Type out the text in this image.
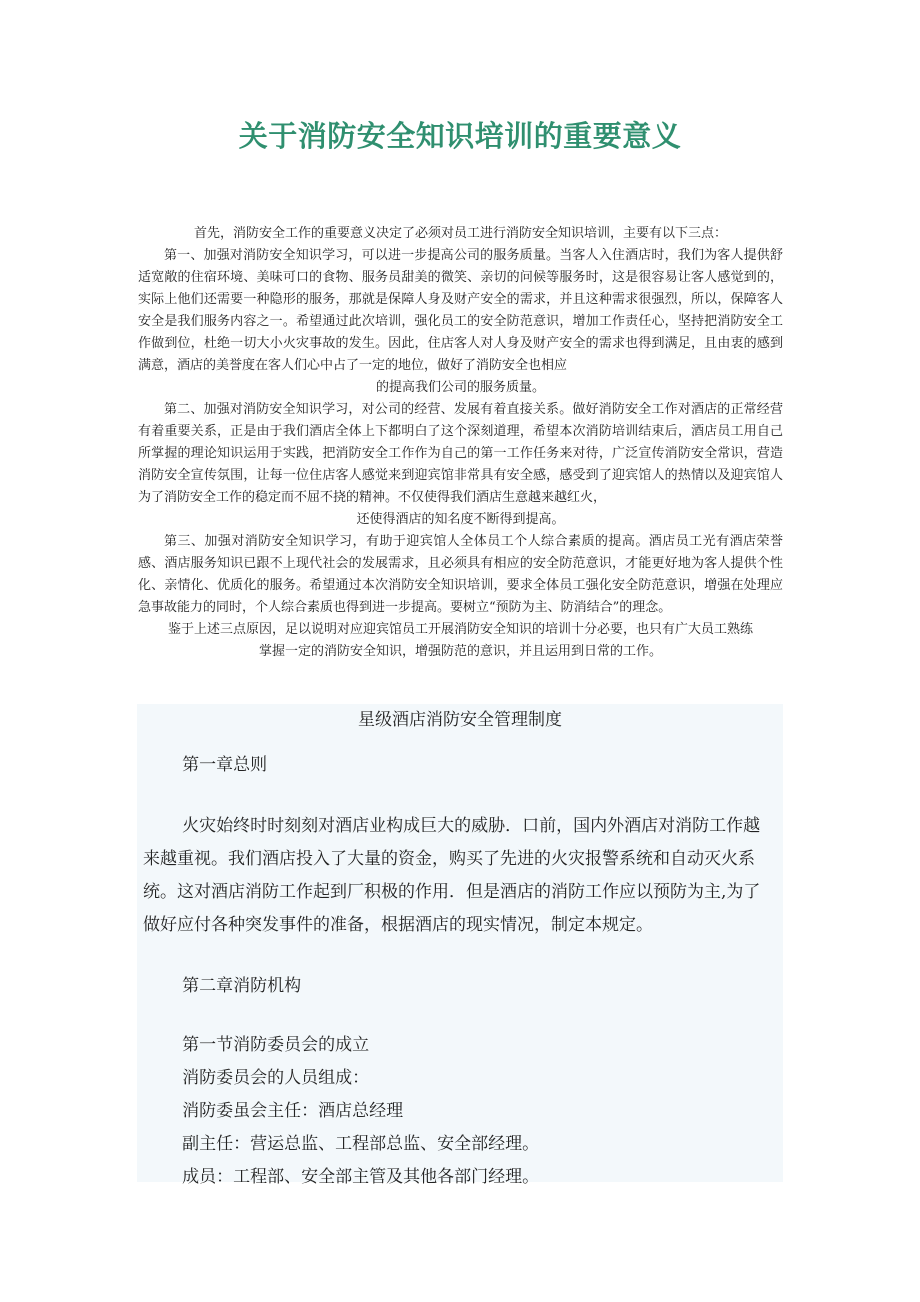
关于消防安全知识培训的重要意义

首先，消防安全工作的重要意义决定了必须对员工进行消防安全知识培训，主要有以下三点：

第一、加强对消防安全知识学习，可以进一步提高公司的服务质量。当客人入住酒店时，我们为客人提供舒适宽敞的住宿环境、美味可口的食物、服务员甜美的微笑、亲切的问候等服务时，这是很容易让客人感觉到的，实际上他们还需要一种隐形的服务，那就是保障人身及财产安全的需求，并且这种需求很强烈，所以，保障客人安全是我们服务内容之一。希望通过此次培训，强化员工的安全防范意识，增加工作责任心，坚持把消防安全工作做到位，杜绝一切大小火灾事故的发生。因此，住店客人对人身及财产安全的需求也得到满足，且由衷的感到满意，酒店的美誉度在客人们心中占了一定的地位，做好了消防安全也相应

的提高我们公司的服务质量。

第二、加强对消防安全知识学习，对公司的经营、发展有着直接关系。做好消防安全工作对酒店的正常经营有着重要关系，正是由于我们酒店全体上下都明白了这个深刻道理，希望本次消防培训结束后，酒店员工用自己所掌握的理论知识运用于实践，把消防安全工作作为自己的第一工作任务来对待，广泛宣传消防安全常识，营造消防安全宣传氛围，让每一位住店客人感觉来到迎宾馆非常具有安全感，感受到了迎宾馆人的热情以及迎宾馆人为了消防安全工作的稳定而不屈不挠的精神。不仅使得我们酒店生意越来越红火，

还使得酒店的知名度不断得到提高。

第三、加强对消防安全知识学习，有助于迎宾馆人全体员工个人综合素质的提高。酒店员工光有酒店荣誉感、酒店服务知识已跟不上现代社会的发展需求，且必须具有相应的安全防范意识，才能更好地为客人提供个性化、亲情化、优质化的服务。希望通过本次消防安全知识培训，要求全体员工强化安全防范意识，增强在处理应急事故能力的同时，个人综合素质也得到进一步提高。要树立“预防为主、防消结合”的理念。

鉴于上述三点原因，足以说明对应迎宾馆员工开展消防安全知识的培训十分必要，也只有广大员工熟练

掌握一定的消防安全知识，增强防范的意识，并且运用到日常的工作。

星级酒店消防安全管理制度

第一章总则

火灾始终时时刻刻对酒店业构成巨大的威胁．口前，国内外酒店对消防工作越来越重视。我们酒店投入了大量的资金，购买了先进的火灾报警系统和自动灭火系统。这对酒店消防工作起到厂积极的作用．但是酒店的消防工作应以预防为主,为了做好应付各种突发事件的准备，根据酒店的现实情况，制定本规定。

第二章消防机构

第一节消防委员会的成立

消防委员会的人员组成：

消防委虽会主任：酒店总经理

副主任：营运总监、工程部总监、安全部经理。

成员：工程部、安全部主管及其他各部门经理。
